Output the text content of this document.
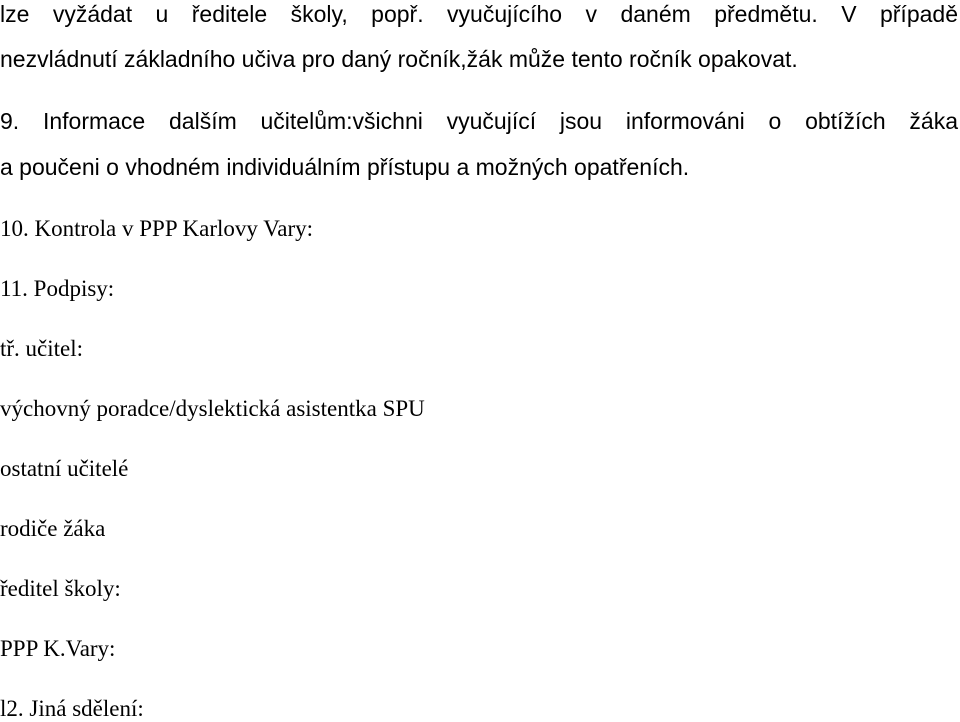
lze vyžádat u ředitele školy, popř. vyučujícího v daném předmětu. V případě
nezvládnutí základního učiva pro daný ročník,žák může tento ročník opakovat.
9. Informace dalším učitelům:všichni vyučující jsou informováni o obtížích žáka
a poučeni o vhodném individuálním přístupu a možných opatřeních.
10. Kontrola v PPP Karlovy Vary:
11. Podpisy:
tř. učitel:
výchovný poradce/dyslektická asistentka SPU
ostatní učitelé
rodiče žáka
ředitel školy:
PPP K.Vary:
l2. Jiná sdělení:
